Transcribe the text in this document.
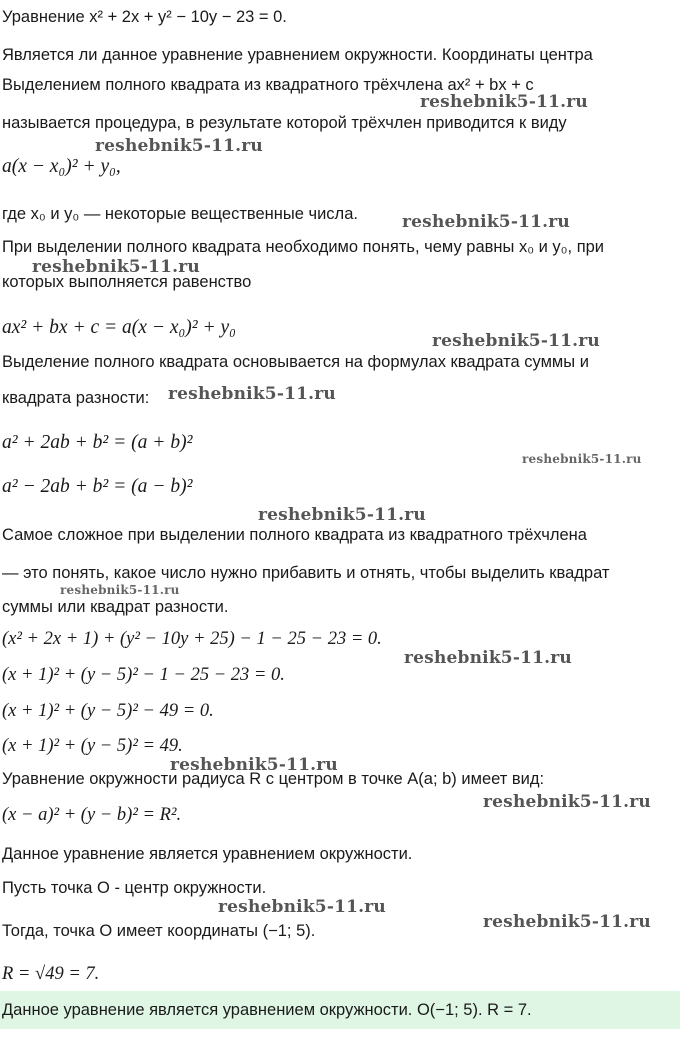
Уравнение x² + 2x + y² − 10y − 23 = 0.
Является ли данное уравнение уравнением окружности. Координаты центра
Выделением полного квадрата из квадратного трёхчлена ax² + bx + c
называется процедура, в результате которой трёхчлен приводится к виду
a(x − x₀)² + y₀,
где x₀ и y₀ — некоторые вещественные числа.
При выделении полного квадрата необходимо понять, чему равны x₀ и y₀, при
которых выполняется равенство
ax² + bx + c = a(x − x₀)² + y₀
Выделение полного квадрата основывается на формулах квадрата суммы и
квадрата разности:
a² + 2ab + b² = (a + b)²
a² − 2ab + b² = (a − b)²
Самое сложное при выделении полного квадрата из квадратного трёхчлена
— это понять, какое число нужно прибавить и отнять, чтобы выделить квадрат
суммы или квадрат разности.
(x² + 2x + 1) + (y² − 10y + 25) − 1 − 25 − 23 = 0.
(x + 1)² + (y − 5)² − 1 − 25 − 23 = 0.
(x + 1)² + (y − 5)² − 49 = 0.
(x + 1)² + (y − 5)² = 49.
Уравнение окружности радиуса R с центром в точке A(a; b) имеет вид:
(x − a)² + (y − b)² = R².
Данное уравнение является уравнением окружности.
Пусть точка O - центр окружности.
Тогда, точка O имеет координаты (−1; 5).
R = √49 = 7.
Данное уравнение является уравнением окружности. O(−1; 5). R = 7.
reshebnik5-11.ru
reshebnik5-11.ru
reshebnik5-11.ru
reshebnik5-11.ru
reshebnik5-11.ru
reshebnik5-11.ru
reshebnik5-11.ru
reshebnik5-11.ru
reshebnik5-11.ru
reshebnik5-11.ru
reshebnik5-11.ru
reshebnik5-11.ru
reshebnik5-11.ru
reshebnik5-11.ru
